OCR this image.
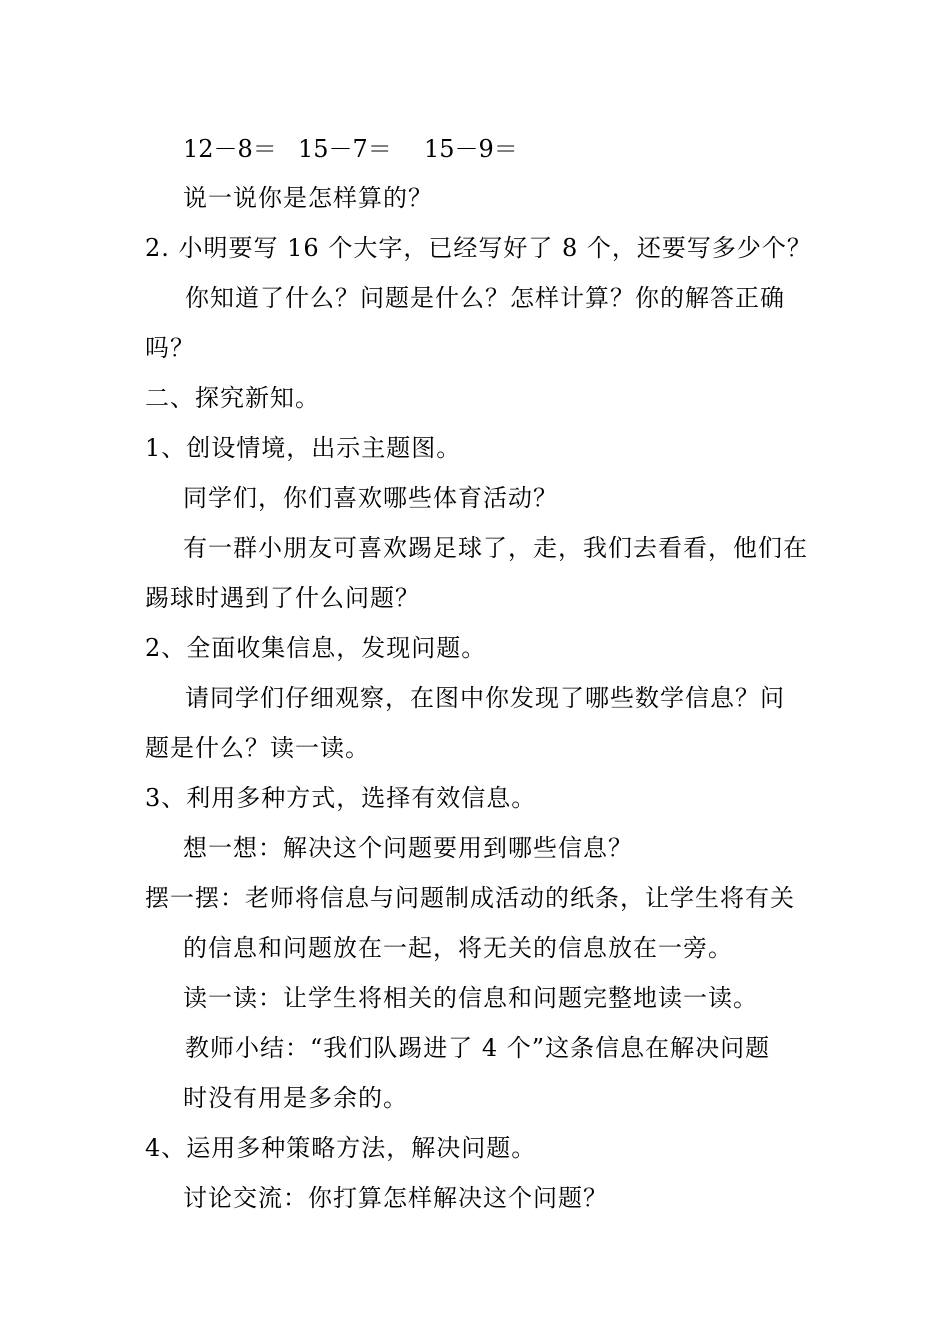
12－8＝ 15－7＝ 15－9＝
说一说你是怎样算的？
2. 小明要写 16 个大字，已经写好了 8 个，还要写多少个？
你知道了什么？问题是什么？怎样计算？你的解答正确
吗？
二、探究新知。
1、创设情境，出示主题图。
同学们，你们喜欢哪些体育活动？
有一群小朋友可喜欢踢足球了，走，我们去看看，他们在
踢球时遇到了什么问题？
2、全面收集信息，发现问题。
请同学们仔细观察，在图中你发现了哪些数学信息？问
题是什么？读一读。
3、利用多种方式，选择有效信息。
想一想：解决这个问题要用到哪些信息？
摆一摆：老师将信息与问题制成活动的纸条，让学生将有关
的信息和问题放在一起，将无关的信息放在一旁。
读一读：让学生将相关的信息和问题完整地读一读。
教师小结：“我们队踢进了 4 个”这条信息在解决问题
时没有用是多余的。
4、运用多种策略方法，解决问题。
讨论交流：你打算怎样解决这个问题？
